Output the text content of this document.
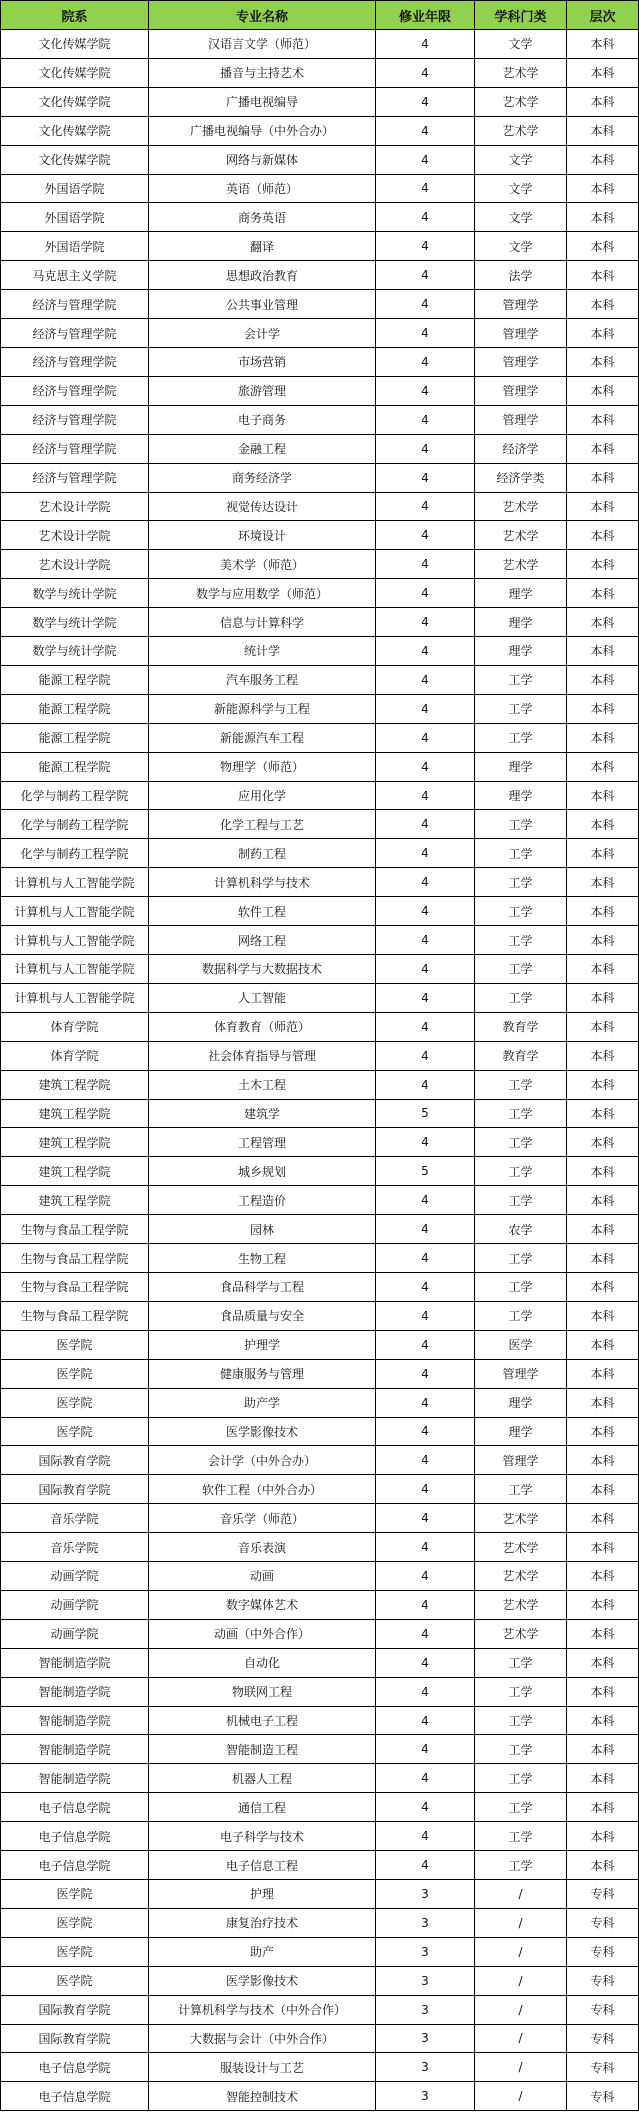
院系	专业名称	修业年限	学科门类	层次
文化传媒学院	汉语言文学（师范）	4	文学	本科
文化传媒学院	播音与主持艺术	4	艺术学	本科
文化传媒学院	广播电视编导	4	艺术学	本科
文化传媒学院	广播电视编导（中外合办）	4	艺术学	本科
文化传媒学院	网络与新媒体	4	文学	本科
外国语学院	英语（师范）	4	文学	本科
外国语学院	商务英语	4	文学	本科
外国语学院	翻译	4	文学	本科
马克思主义学院	思想政治教育	4	法学	本科
经济与管理学院	公共事业管理	4	管理学	本科
经济与管理学院	会计学	4	管理学	本科
经济与管理学院	市场营销	4	管理学	本科
经济与管理学院	旅游管理	4	管理学	本科
经济与管理学院	电子商务	4	管理学	本科
经济与管理学院	金融工程	4	经济学	本科
经济与管理学院	商务经济学	4	经济学类	本科
艺术设计学院	视觉传达设计	4	艺术学	本科
艺术设计学院	环境设计	4	艺术学	本科
艺术设计学院	美术学（师范）	4	艺术学	本科
数学与统计学院	数学与应用数学（师范）	4	理学	本科
数学与统计学院	信息与计算科学	4	理学	本科
数学与统计学院	统计学	4	理学	本科
能源工程学院	汽车服务工程	4	工学	本科
能源工程学院	新能源科学与工程	4	工学	本科
能源工程学院	新能源汽车工程	4	工学	本科
能源工程学院	物理学（师范）	4	理学	本科
化学与制药工程学院	应用化学	4	理学	本科
化学与制药工程学院	化学工程与工艺	4	工学	本科
化学与制药工程学院	制药工程	4	工学	本科
计算机与人工智能学院	计算机科学与技术	4	工学	本科
计算机与人工智能学院	软件工程	4	工学	本科
计算机与人工智能学院	网络工程	4	工学	本科
计算机与人工智能学院	数据科学与大数据技术	4	工学	本科
计算机与人工智能学院	人工智能	4	工学	本科
体育学院	体育教育（师范）	4	教育学	本科
体育学院	社会体育指导与管理	4	教育学	本科
建筑工程学院	土木工程	4	工学	本科
建筑工程学院	建筑学	5	工学	本科
建筑工程学院	工程管理	4	工学	本科
建筑工程学院	城乡规划	5	工学	本科
建筑工程学院	工程造价	4	工学	本科
生物与食品工程学院	园林	4	农学	本科
生物与食品工程学院	生物工程	4	工学	本科
生物与食品工程学院	食品科学与工程	4	工学	本科
生物与食品工程学院	食品质量与安全	4	工学	本科
医学院	护理学	4	医学	本科
医学院	健康服务与管理	4	管理学	本科
医学院	助产学	4	理学	本科
医学院	医学影像技术	4	理学	本科
国际教育学院	会计学（中外合办）	4	管理学	本科
国际教育学院	软件工程（中外合办）	4	工学	本科
音乐学院	音乐学（师范）	4	艺术学	本科
音乐学院	音乐表演	4	艺术学	本科
动画学院	动画	4	艺术学	本科
动画学院	数字媒体艺术	4	艺术学	本科
动画学院	动画（中外合作）	4	艺术学	本科
智能制造学院	自动化	4	工学	本科
智能制造学院	物联网工程	4	工学	本科
智能制造学院	机械电子工程	4	工学	本科
智能制造学院	智能制造工程	4	工学	本科
智能制造学院	机器人工程	4	工学	本科
电子信息学院	通信工程	4	工学	本科
电子信息学院	电子科学与技术	4	工学	本科
电子信息学院	电子信息工程	4	工学	本科
医学院	护理	3	/	专科
医学院	康复治疗技术	3	/	专科
医学院	助产	3	/	专科
医学院	医学影像技术	3	/	专科
国际教育学院	计算机科学与技术（中外合作）	3	/	专科
国际教育学院	大数据与会计（中外合作）	3	/	专科
电子信息学院	服装设计与工艺	3	/	专科
电子信息学院	智能控制技术	3	/	专科
